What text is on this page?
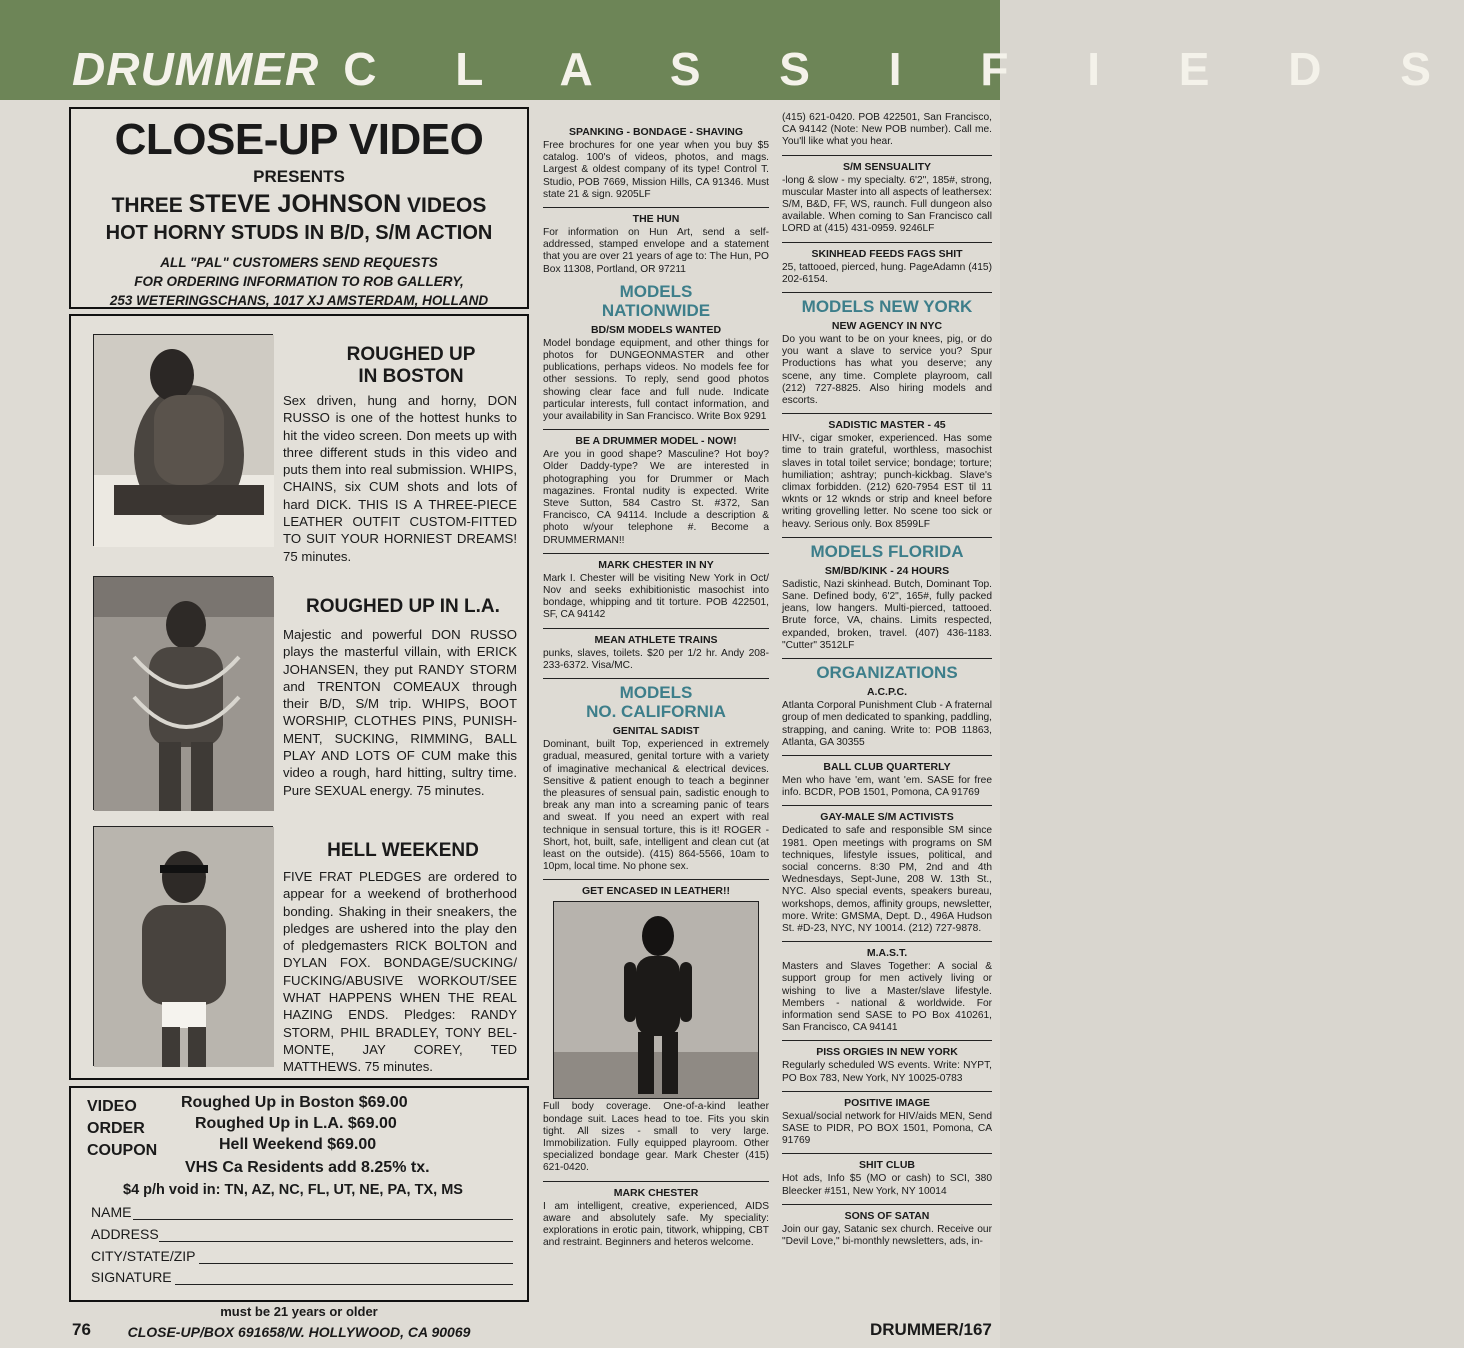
DRUMMER C L A S S I F I E D S
CLOSE-UP VIDEO
PRESENTS
THREE STEVE JOHNSON VIDEOS
HOT HORNY STUDS IN B/D, S/M ACTION
ALL "PAL" CUSTOMERS SEND REQUESTS
FOR ORDERING INFORMATION TO ROB GALLERY,
253 WETERINGSCHANS, 1017 XJ AMSTERDAM, HOLLAND
ROUGHED UP
IN BOSTON
Sex driven, hung and horny, DON RUSSO is one of the hottest hunks to hit the video screen. Don meets up with three different studs in this video and puts them into real submission. WHIPS, CHAINS, six CUM shots and lots of hard DICK. THIS IS A THREE-PIECE LEATHER OUTFIT CUSTOM-FITTED TO SUIT YOUR HORNIEST DREAMS! 75 minutes.
ROUGHED UP IN L.A.
Majestic and powerful DON RUSSO plays the masterful villain, with ERICK JOHANSEN, they put RANDY STORM and TRENTON COMEAUX through their B/D, S/M trip. WHIPS, BOOT WORSHIP, CLOTHES PINS, PUNISH-MENT, SUCKING, RIMMING, BALL PLAY AND LOTS OF CUM make this video a rough, hard hitting, sultry time. Pure SEXUAL energy. 75 minutes.
HELL WEEKEND
FIVE FRAT PLEDGES are ordered to appear for a weekend of brotherhood bonding. Shaking in their sneakers, the pledges are ushered into the play den of pledgemasters RICK BOLTON and DYLAN FOX. BONDAGE/SUCKING/ FUCKING/ABUSIVE WORKOUT/SEE WHAT HAPPENS WHEN THE REAL HAZING ENDS. Pledges: RANDY STORM, PHIL BRADLEY, TONY BEL-MONTE, JAY COREY, TED MATTHEWS. 75 minutes.
VIDEO
ORDER
COUPON
Roughed Up in Boston $69.00
Roughed Up in L.A. $69.00
Hell Weekend $69.00
VHS Ca Residents add 8.25% tx.
$4 p/h void in: TN, AZ, NC, FL, UT, NE, PA, TX, MS
NAME
ADDRESS
CITY/STATE/ZIP
SIGNATURE
must be 21 years or older
CLOSE-UP/BOX 691658/W. HOLLYWOOD, CA 90069
SPANKING - BONDAGE - SHAVING
Free brochures for one year when you buy $5 catalog. 100's of videos, photos, and mags. Largest & oldest company of its type! Control T. Studio, POB 7669, Mission Hills, CA 91346. Must state 21 & sign. 9205LF
THE HUN
For information on Hun Art, send a self-addressed, stamped envelope and a statement that you are over 21 years of age to: The Hun, PO Box 11308, Portland, OR 97211
MODELS
NATIONWIDE
BD/SM MODELS WANTED
Model bondage equipment, and other things for photos for DUNGEONMASTER and other publications, perhaps videos. No models fee for other sessions. To reply, send good photos showing clear face and full nude. Indicate particular interests, full contact information, and your availability in San Francisco. Write Box 9291
BE A DRUMMER MODEL - NOW!
Are you in good shape? Masculine? Hot boy? Older Daddy-type? We are interested in photographing you for Drummer or Mach magazines. Frontal nudity is expected. Write Steve Sutton, 584 Castro St. #372, San Francisco, CA 94114. Include a description & photo w/your telephone #. Become a DRUMMERMAN!!
MARK CHESTER IN NY
Mark I. Chester will be visiting New York in Oct/ Nov and seeks exhibitionistic masochist into bondage, whipping and tit torture. POB 422501, SF, CA 94142
MEAN ATHLETE TRAINS
punks, slaves, toilets. $20 per 1/2 hr. Andy 208-233-6372. Visa/MC.
MODELS
NO. CALIFORNIA
GENITAL SADIST
Dominant, built Top, experienced in extremely gradual, measured, genital torture with a variety of imaginative mechanical & electrical devices. Sensitive & patient enough to teach a beginner the pleasures of sensual pain, sadistic enough to break any man into a screaming panic of tears and sweat. If you need an expert with real technique in sensual torture, this is it! ROGER - Short, hot, built, safe, intelligent and clean cut (at least on the outside). (415) 864-5566, 10am to 10pm, local time. No phone sex.
GET ENCASED IN LEATHER!!
Full body coverage. One-of-a-kind leather bondage suit. Laces head to toe. Fits you skin tight. All sizes - small to very large. Immobilization. Fully equipped playroom. Other specialized bondage gear. Mark Chester (415) 621-0420.
MARK CHESTER
I am intelligent, creative, experienced, AIDS aware and absolutely safe. My speciality: explorations in erotic pain, titwork, whipping, CBT and restraint. Beginners and heteros welcome.
(415) 621-0420. POB 422501, San Francisco, CA 94142 (Note: New POB number). Call me. You'll like what you hear.
S/M SENSUALITY
-long & slow - my specialty. 6'2", 185#, strong, muscular Master into all aspects of leathersex: S/M, B&D, FF, WS, raunch. Full dungeon also available. When coming to San Francisco call LORD at (415) 431-0959. 9246LF
SKINHEAD FEEDS FAGS SHIT
25, tattooed, pierced, hung. PageAdamn (415) 202-6154.
MODELS NEW YORK
NEW AGENCY IN NYC
Do you want to be on your knees, pig, or do you want a slave to service you? Spur Productions has what you deserve; any scene, any time. Complete playroom, call (212) 727-8825. Also hiring models and escorts.
SADISTIC MASTER - 45
HIV-, cigar smoker, experienced. Has some time to train grateful, worthless, masochist slaves in total toilet service; bondage; torture; humiliation; ashtray; punch-kickbag. Slave's climax forbidden. (212) 620-7954 EST til 11 wknts or 12 wknds or strip and kneel before writing grovelling letter. No scene too sick or heavy. Serious only. Box 8599LF
MODELS FLORIDA
SM/BD/KINK - 24 HOURS
Sadistic, Nazi skinhead. Butch, Dominant Top. Sane. Defined body, 6'2", 165#, fully packed jeans, low hangers. Multi-pierced, tattooed. Brute force, VA, chains. Limits respected, expanded, broken, travel. (407) 436-1183. "Cutter" 3512LF
ORGANIZATIONS
A.C.P.C.
Atlanta Corporal Punishment Club - A fraternal group of men dedicated to spanking, paddling, strapping, and caning. Write to: POB 11863, Atlanta, GA 30355
BALL CLUB QUARTERLY
Men who have 'em, want 'em. SASE for free info. BCDR, POB 1501, Pomona, CA 91769
GAY-MALE S/M ACTIVISTS
Dedicated to safe and responsible SM since 1981. Open meetings with programs on SM techniques, lifestyle issues, political, and social concerns. 8:30 PM, 2nd and 4th Wednesdays, Sept-June, 208 W. 13th St., NYC. Also special events, speakers bureau, workshops, demos, affinity groups, newsletter, more. Write: GMSMA, Dept. D., 496A Hudson St. #D-23, NYC, NY 10014. (212) 727-9878.
M.A.S.T.
Masters and Slaves Together: A social & support group for men actively living or wishing to live a Master/slave lifestyle. Members - national & worldwide. For information send SASE to PO Box 410261, San Francisco, CA 94141
PISS ORGIES IN NEW YORK
Regularly scheduled WS events. Write: NYPT, PO Box 783, New York, NY 10025-0783
POSITIVE IMAGE
Sexual/social network for HIV/aids MEN, Send SASE to PIDR, PO BOX 1501, Pomona, CA 91769
SHIT CLUB
Hot ads, Info $5 (MO or cash) to SCI, 380 Bleecker #151, New York, NY 10014
SONS OF SATAN
Join our gay, Satanic sex church. Receive our "Devil Love," bi-monthly newsletters, ads, in-
76	DRUMMER/167
